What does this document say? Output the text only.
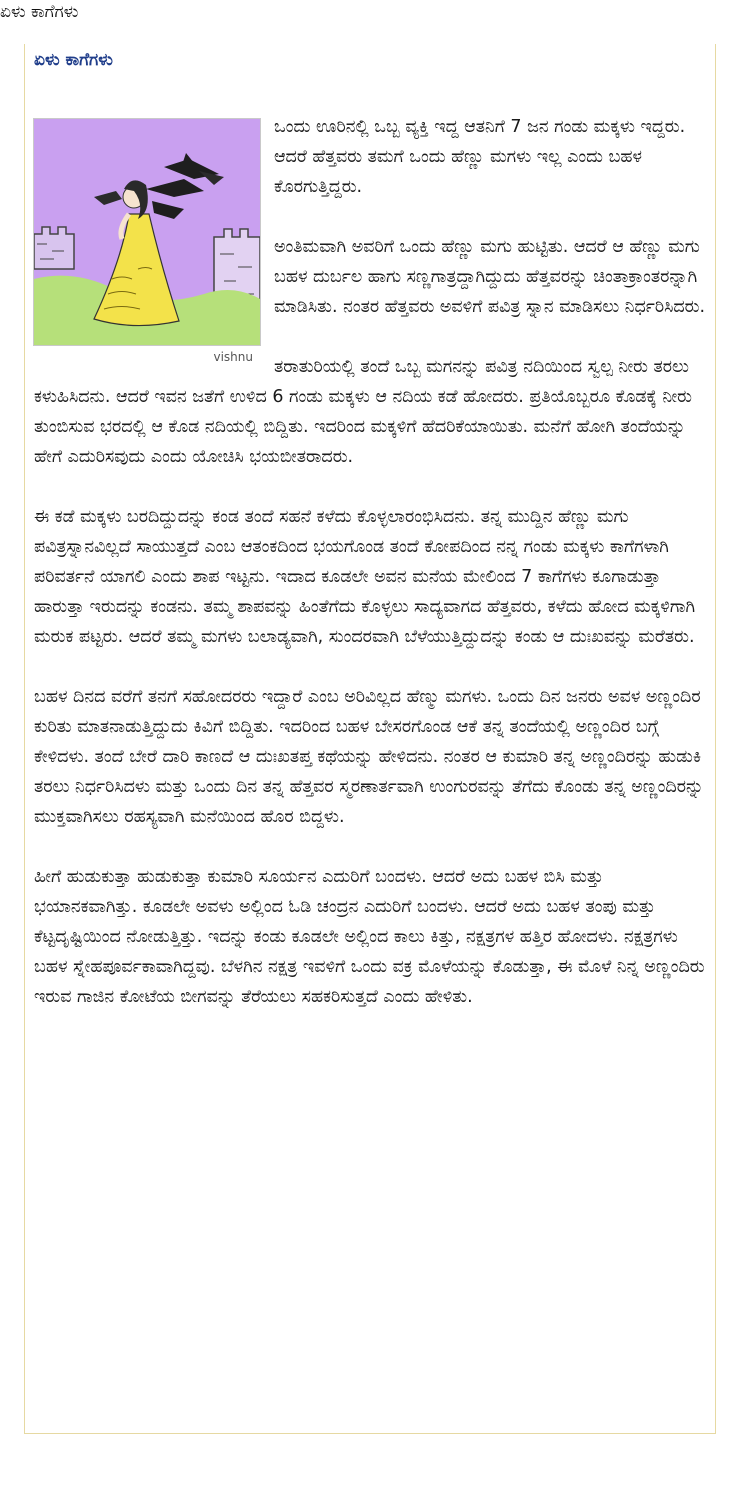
ಏಳು ಕಾಗೆಗಳು
ಏಳು ಕಾಗೆಗಳು
vishnu

ಒಂದು ಊರಿನಲ್ಲಿ ಒಬ್ಬ ವ್ಯಕ್ತಿ ಇದ್ದ ಆತನಿಗೆ 7 ಜನ ಗಂಡು ಮಕ್ಕಳು ಇದ್ದರು. ಆದರೆ ಹೆತ್ತವರು ತಮಗೆ ಒಂದು ಹೆಣ್ಣು ಮಗಳು ಇಲ್ಲ ಎಂದು ಬಹಳ ಕೊರಗುತ್ತಿದ್ದರು.

ಅಂತಿಮವಾಗಿ ಅವರಿಗೆ ಒಂದು ಹೆಣ್ಣು ಮಗು ಹುಟ್ಟಿತು. ಆದರೆ ಆ ಹೆಣ್ಣು ಮಗು ಬಹಳ ದುರ್ಬಲ ಹಾಗು ಸಣ್ಣಗಾತ್ರದ್ದಾಗಿದ್ದುದು ಹೆತ್ತವರನ್ನು ಚಿಂತಾಕ್ರಾಂತರನ್ನಾಗಿ ಮಾಡಿಸಿತು. ನಂತರ ಹೆತ್ತವರು ಅವಳಿಗೆ ಪವಿತ್ರ ಸ್ನಾನ ಮಾಡಿಸಲು ನಿರ್ಧರಿಸಿದರು.

ತರಾತುರಿಯಲ್ಲಿ ತಂದೆ ಒಬ್ಬ ಮಗನನ್ನು ಪವಿತ್ರ ನದಿಯಿಂದ ಸ್ವಲ್ಪ ನೀರು ತರಲು ಕಳುಹಿಸಿದನು. ಆದರೆ ಇವನ ಜತೆಗೆ ಉಳಿದ 6 ಗಂಡು ಮಕ್ಕಳು ಆ ನದಿಯ ಕಡೆ ಹೋದರು. ಪ್ರತಿಯೊಬ್ಬರೂ ಕೊಡಕ್ಕೆ ನೀರು ತುಂಬಿಸುವ ಭರದಲ್ಲಿ ಆ ಕೊಡ ನದಿಯಲ್ಲಿ ಬಿದ್ದಿತು. ಇದರಿಂದ ಮಕ್ಕಳಿಗೆ ಹೆದರಿಕೆಯಾಯಿತು. ಮನೆಗೆ ಹೋಗಿ ತಂದೆಯನ್ನು ಹೇಗೆ ಎದುರಿಸವುದು ಎಂದು ಯೋಚಿಸಿ ಭಯಬೀತರಾದರು.

ಈ ಕಡೆ ಮಕ್ಕಳು ಬರದಿದ್ದುದನ್ನು ಕಂಡ ತಂದೆ ಸಹನೆ ಕಳೆದು ಕೊಳ್ಳಲಾರಂಭಿಸಿದನು. ತನ್ನ ಮುದ್ದಿನ ಹೆಣ್ಣು ಮಗು ಪವಿತ್ರಸ್ನಾನವಿಲ್ಲದೆ ಸಾಯುತ್ತದೆ ಎಂಬ ಆತಂಕದಿಂದ ಭಯಗೊಂಡ ತಂದೆ ಕೋಪದಿಂದ ನನ್ನ ಗಂಡು ಮಕ್ಕಳು ಕಾಗೆಗಳಾಗಿ ಪರಿವರ್ತನೆ ಯಾಗಲಿ ಎಂದು ಶಾಪ ಇಟ್ಟನು. ಇದಾದ ಕೂಡಲೇ ಅವನ ಮನೆಯ ಮೇಲಿಂದ 7 ಕಾಗೆಗಳು ಕೂಗಾಡುತ್ತಾ ಹಾರುತ್ತಾ ಇರುದನ್ನು ಕಂಡನು. ತಮ್ಮ ಶಾಪವನ್ನು ಹಿಂತೆಗೆದು ಕೊಳ್ಳಲು ಸಾದ್ಯವಾಗದ ಹೆತ್ತವರು, ಕಳೆದು ಹೋದ ಮಕ್ಕಳಿಗಾಗಿ ಮರುಕ ಪಟ್ಟರು. ಆದರೆ ತಮ್ಮ ಮಗಳು ಬಲಾಡ್ಯವಾಗಿ, ಸುಂದರವಾಗಿ ಬೆಳೆಯುತ್ತಿದ್ದುದನ್ನು ಕಂಡು ಆ ದುಃಖವನ್ನು ಮರೆತರು.

ಬಹಳ ದಿನದ ವರೆಗೆ ತನಗೆ ಸಹೋದರರು ಇದ್ದಾರೆ ಎಂಬ ಅರಿವಿಲ್ಲದ ಹೆಣ್ಮು ಮಗಳು. ಒಂದು ದಿನ ಜನರು ಅವಳ ಅಣ್ಣಂದಿರ ಕುರಿತು ಮಾತನಾಡುತ್ತಿದ್ದುದು ಕಿವಿಗೆ ಬಿದ್ದಿತು. ಇದರಿಂದ ಬಹಳ ಬೇಸರಗೊಂಡ ಆಕೆ ತನ್ನ ತಂದೆಯಲ್ಲಿ ಅಣ್ಣಂದಿರ ಬಗ್ಗೆ ಕೇಳಿದಳು. ತಂದೆ ಬೇರೆ ದಾರಿ ಕಾಣದೆ ಆ ದುಃಖತಪ್ತ ಕಥೆಯನ್ನು ಹೇಳಿದನು. ನಂತರ ಆ ಕುಮಾರಿ ತನ್ನ ಅಣ್ಣಂದಿರನ್ನು ಹುಡುಕಿ ತರಲು ನಿರ್ಧರಿಸಿದಳು ಮತ್ತು ಒಂದು ದಿನ ತನ್ನ ಹೆತ್ತವರ ಸ್ಮರಣಾರ್ತವಾಗಿ ಉಂಗುರವನ್ನು ತೆಗೆದು ಕೊಂಡು ತನ್ನ ಅಣ್ಣಂದಿರನ್ನು ಮುಕ್ತವಾಗಿಸಲು ರಹಸ್ಯವಾಗಿ ಮನೆಯಿಂದ ಹೊರ ಬಿದ್ದಳು.

ಹೀಗೆ ಹುಡುಕುತ್ತಾ ಹುಡುಕುತ್ತಾ ಕುಮಾರಿ ಸೂರ್ಯನ ಎದುರಿಗೆ ಬಂದಳು. ಆದರೆ ಅದು ಬಹಳ ಬಿಸಿ ಮತ್ತು ಭಯಾನಕವಾಗಿತ್ತು. ಕೂಡಲೇ ಅವಳು ಅಲ್ಲಿಂದ ಓಡಿ ಚಂದ್ರನ ಎದುರಿಗೆ ಬಂದಳು. ಆದರೆ ಅದು ಬಹಳ ತಂಪು ಮತ್ತು ಕೆಟ್ಟದೃಷ್ಟಿಯಿಂದ ನೋಡುತ್ತಿತ್ತು. ಇದನ್ನು ಕಂಡು ಕೂಡಲೇ ಅಲ್ಲಿಂದ ಕಾಲು ಕಿತ್ತು, ನಕ್ಷತ್ರಗಳ ಹತ್ತಿರ ಹೋದಳು. ನಕ್ಷತ್ರಗಳು ಬಹಳ ಸ್ನೇಹಪೂರ್ವಕಾವಾಗಿದ್ದವು. ಬೆಳಗಿನ ನಕ್ಷತ್ರ ಇವಳಿಗೆ ಒಂದು ವಕ್ರ ಮೊಳೆಯನ್ನು ಕೊಡುತ್ತಾ, ಈ ಮೊಳೆ ನಿನ್ನ ಅಣ್ಣಂದಿರು ಇರುವ ಗಾಜಿನ ಕೋಟೆಯ ಬೀಗವನ್ನು ತೆರೆಯಲು ಸಹಕರಿಸುತ್ತದೆ ಎಂದು ಹೇಳಿತು.
